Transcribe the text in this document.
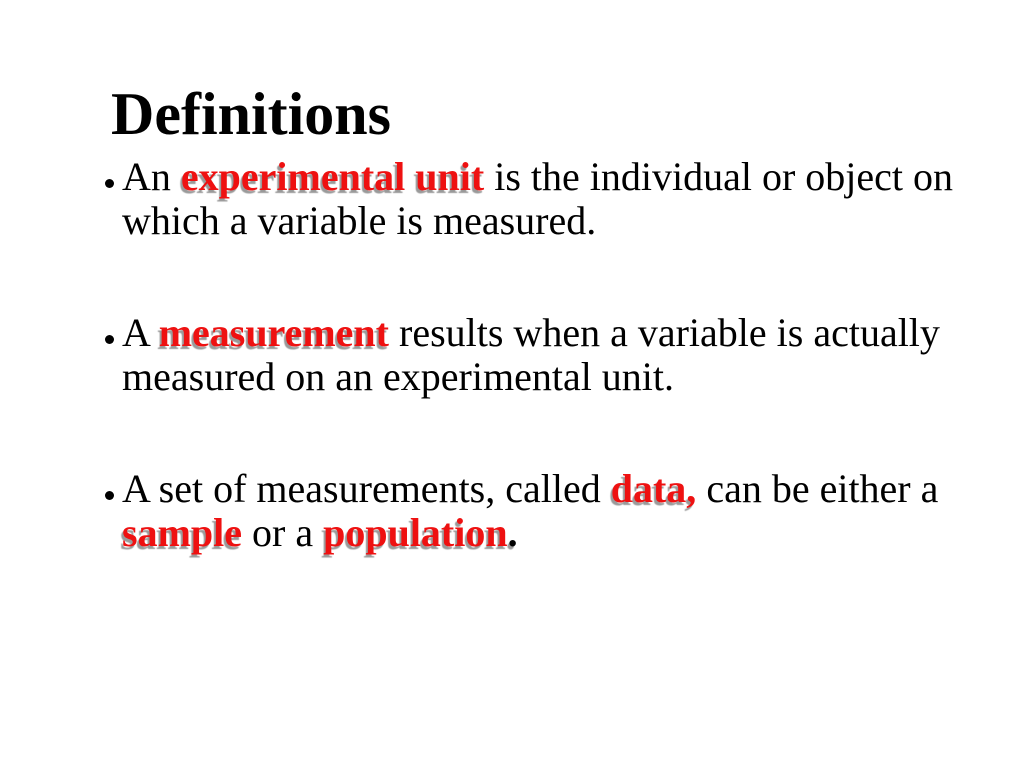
Definitions
An experimental unit is the individual or object on which a variable is measured.
A measurement results when a variable is actually measured on an experimental unit.
A set of measurements, called data, can be either a sample or a population.
